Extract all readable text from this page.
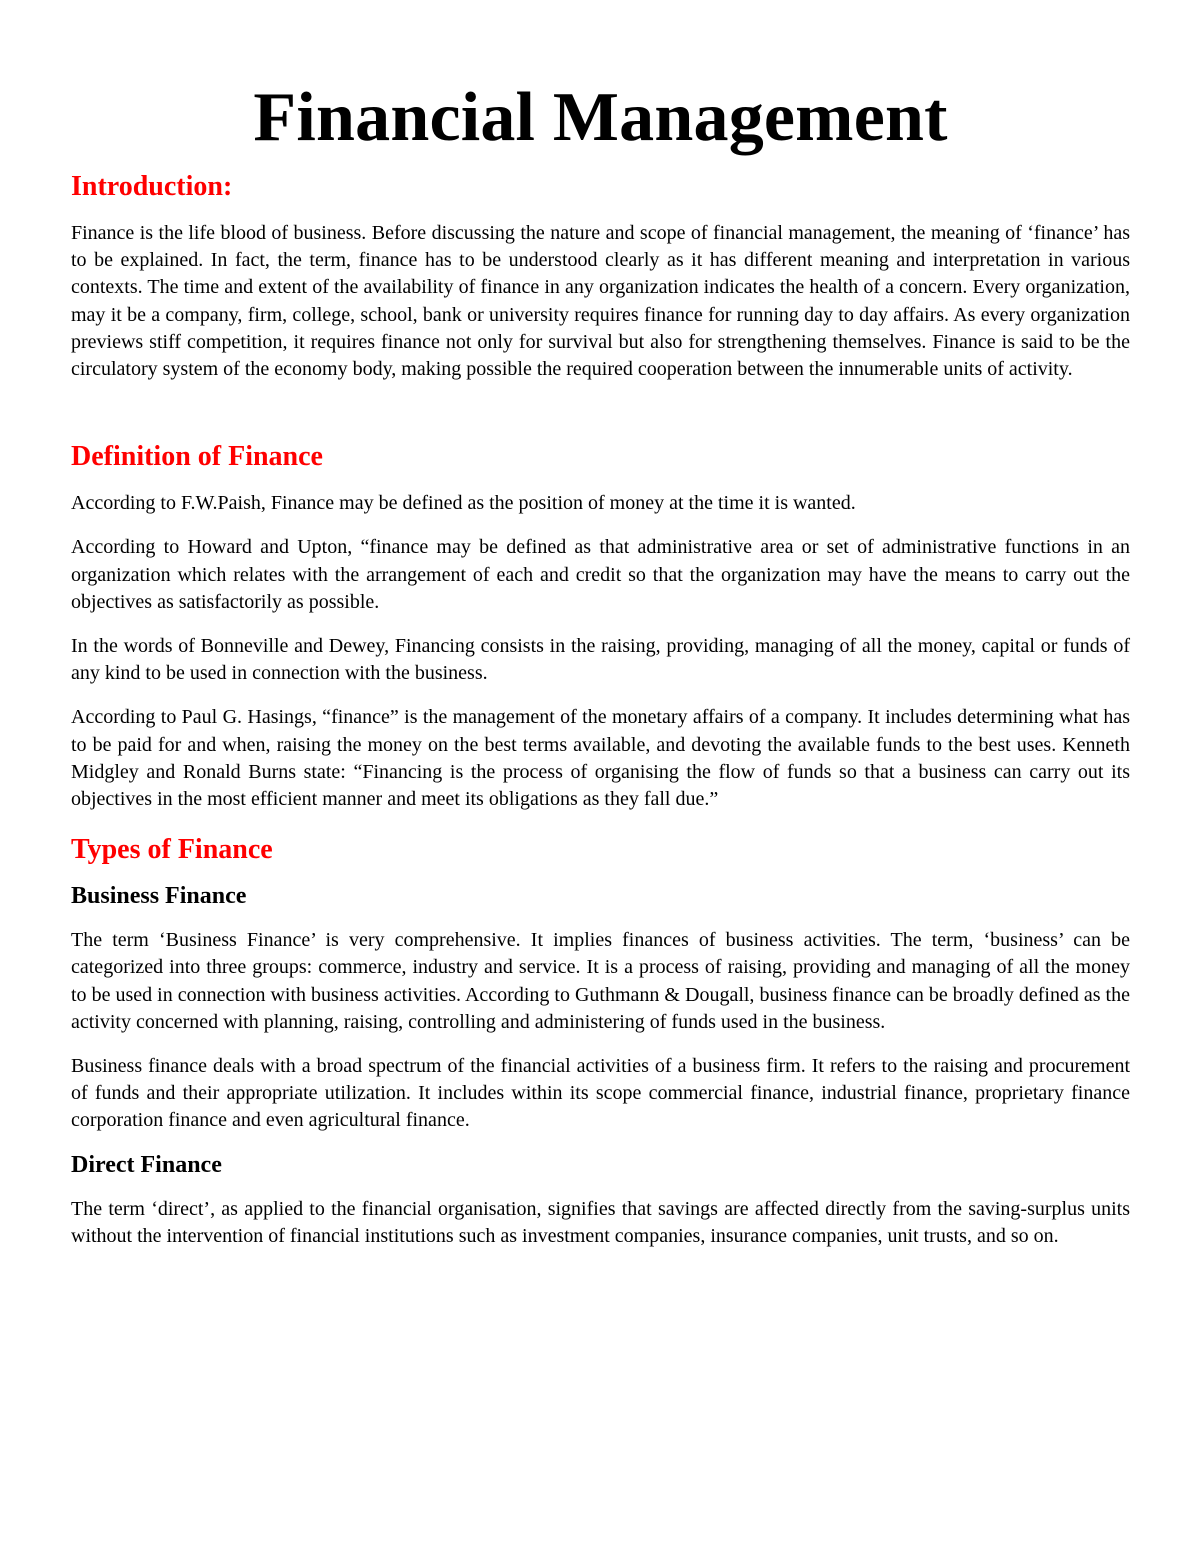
Financial Management
Introduction:

Finance is the life blood of business. Before discussing the nature and scope of financial management, the meaning of ‘finance’ has to be explained. In fact, the term, finance has to be understood clearly as it has different meaning and interpretation in various contexts. The time and extent of the availability of finance in any organization indicates the health of a concern. Every organization, may it be a company, firm, college, school, bank or university requires finance for running day to day affairs. As every organization previews stiff competition, it requires finance not only for survival but also for strengthening themselves. Finance is said to be the circulatory system of the economy body, making possible the required cooperation between the innumerable units of activity.

Definition of Finance

According to F.W.Paish, Finance may be defined as the position of money at the time it is wanted.

According to Howard and Upton, “finance may be defined as that administrative area or set of administrative functions in an organization which relates with the arrangement of each and credit so that the organization may have the means to carry out the objectives as satisfactorily as possible.

In the words of Bonneville and Dewey, Financing consists in the raising, providing, managing of all the money, capital or funds of any kind to be used in connection with the business.

According to Paul G. Hasings, “finance” is the management of the monetary affairs of a company. It includes determining what has to be paid for and when, raising the money on the best terms available, and devoting the available funds to the best uses. Kenneth Midgley and Ronald Burns state: “Financing is the process of organising the flow of funds so that a business can carry out its objectives in the most efficient manner and meet its obligations as they fall due.”

Types of Finance
Business Finance

The term ‘Business Finance’ is very comprehensive. It implies finances of business activities. The term, ‘business’ can be categorized into three groups: commerce, industry and service. It is a process of raising, providing and managing of all the money to be used in connection with business activities. According to Guthmann & Dougall, business finance can be broadly defined as the activity concerned with planning, raising, controlling and administering of funds used in the business.

Business finance deals with a broad spectrum of the financial activities of a business firm. It refers to the raising and procurement of funds and their appropriate utilization. It includes within its scope commercial finance, industrial finance, proprietary finance corporation finance and even agricultural finance.

Direct Finance

The term ‘direct’, as applied to the financial organisation, signifies that savings are affected directly from the saving-surplus units without the intervention of financial institutions such as investment companies, insurance companies, unit trusts, and so on.
